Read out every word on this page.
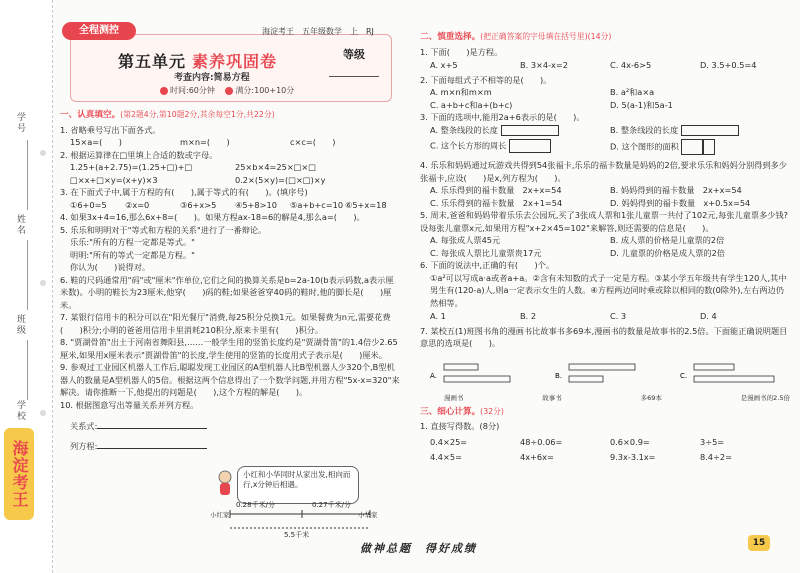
学号
姓名
班级
学校
海淀考王
全程测控	海淀考王　五年级数学　上　RJ
第五单元 素养巩固卷	等级
考查内容:简易方程
时间:60分钟　 满分:100+10分
一、认真填空。(第2题4分,第10题2分,其余每空1分,共22分)

1. 省略乘号写出下面各式。

15×a=(　　)	m×n=(　　)	c×c=(　　)

2. 根据运算律在□里填上合适的数或字母。

1.25+(a+2.75)=(1.25+□)+□	25×b×4=25×□×□
□×x+□×y=(x+y)×3	0.2×(5×y)=(□×□)×y

3. 在下面式子中,属于方程的有(　　),属于等式的有(　　)。(填序号)

①6+0=5	②x=0	③6+x>5	④5+8>10	⑤a+b+c=10 ⑥5+x=18

4. 如果3x+4=16,那么6x+8=(　　)。如果方程ax-18=6的解是4,那么a=(　　)。

5. 乐乐和明明对于"等式和方程的关系"进行了一番辩论。

乐乐:"所有的方程一定都是等式。"

明明:"所有的等式一定都是方程。"

你认为(　　)说得对。

6. 鞋的尺码通常用"码"或"厘米"作单位,它们之间的换算关系是b=2a-10(b表示码数,a表示厘米数)。小明的鞋长为23厘米,他穿(　　)码的鞋;如果爸爸穿40码的鞋时,他的脚长是(　　)厘米。

7. 某银行信用卡的积分可以在"阳光餐厅"消费,每25积分兑换1元。如果餐费为n元,需要花费(　　)积分;小明的爸爸用信用卡里消耗210积分,原来卡里有(　　)积分。

8. "贾湖骨笛"出土于河南省舞阳县,……一般学生用的竖笛长度约是"贾湖骨笛"的1.4倍少2.65厘米,如果用x厘米表示"贾湖骨笛"的长度,学生使用的竖笛的长度用式子表示是(　　)厘米。

9. 参观过工业园区机器人工作后,聪聪发现工业园区的A型机器人比B型机器人少320个,B型机器人的数量是A型机器人的5倍。根据这两个信息得出了一个数学问题,并用方程"5x-x=320"来解决。请你推断一下,他提出的问题是(　　),这个方程的解是(　　)。

10. 根据图意写出等量关系并列方程。

关系式:

列方程:

小红和小华同时从家出发,相向而行,x分钟后相遇。
0.28千米/分	0.27千米/分
小红家	小华家
5.5千米
二、慎重选择。(把正确答案的字母填在括号里)(14分)

1. 下面(　　)是方程。

A. x+5	B. 3×4-x=2	C. 4x-6>5	D. 3.5+0.5=4

2. 下面每组式子不相等的是(　　)。

A. m×n和m×m	B. a²和a×a
C. a+b+c和a+(b+c)	D. 5(a-1)和5a-1

3. 下面的选项中,能用2a+6表示的是(　　)。

A. 整条线段的长度	B. 整条线段的长度
C. 这个长方形的周长	D. 这个图形的面积

4. 乐乐和妈妈通过玩游戏共得到54张福卡,乐乐的福卡数量是妈妈的2倍,要求乐乐和妈妈分别得到多少张福卡,应设(　　)是x,列方程为(　　)。

A. 乐乐得到的福卡数量　2x+x=54	B. 妈妈得到的福卡数量　2x+x=54
C. 乐乐得到的福卡数量　2x+1=54	D. 妈妈得到的福卡数量　x+0.5x=54

5. 周末,爸爸和妈妈带着乐乐去公园玩,买了3张成人票和1张儿童票一共付了102元,每张儿童票多少钱?设每张儿童票x元,如果用方程"x+2×45=102"来解答,则还需要的信息是(　　)。

A. 每张成人票45元	B. 成人票的价格是儿童票的2倍
C. 每张成人票比儿童票贵17元	D. 儿童票的价格是成人票的2倍

6. 下面的说法中,正确的有(　　)个。

①a²可以写成a·a或者a+a。②含有未知数的式子一定是方程。③某小学五年级共有学生120人,其中男生有(120-a)人,则a一定表示女生的人数。④方程两边同时乘或除以相同的数(0除外),左右两边仍然相等。

A. 1	B. 2	C. 3	D. 4

7. 某校五(1)班图书角的漫画书比故事书多69本,漫画书的数量是故事书的2.5倍。下面能正确说明题目意思的选项是(　　)。

A.	B.	C.
漫画书	故事书	多69本	是漫画书的2.5倍
三、细心计算。(32分)

1. 直接写得数。(8分)

0.4×25=	48÷0.06=	0.6×0.9=	3÷5=
4.4×5=	4x+6x=	9.3x-3.1x=	8.4÷2=
做神总题　得好成绩	15
